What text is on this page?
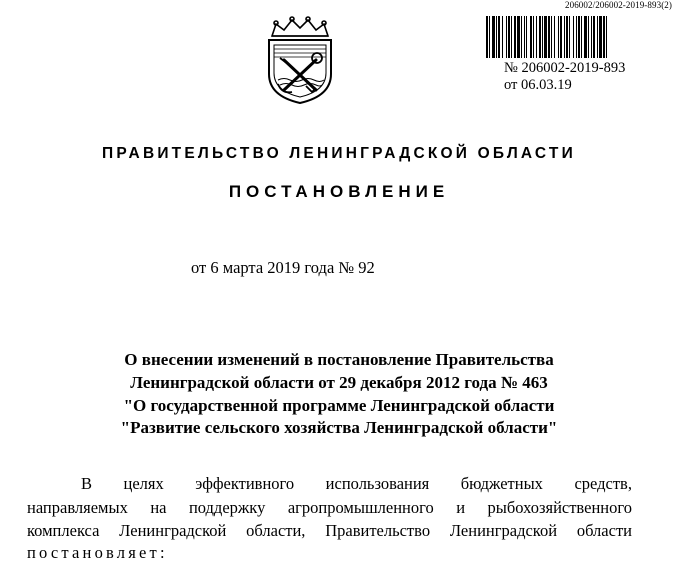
206002/206002-2019-893(2)
№ 206002-2019-893
от 06.03.19
ПРАВИТЕЛЬСТВО ЛЕНИНГРАДСКОЙ ОБЛАСТИ
ПОСТАНОВЛЕНИЕ
от 6 марта 2019 года № 92
О внесении изменений в постановление Правительства
Ленинградской области от 29 декабря 2012 года № 463
"О государственной программе Ленинградской области
"Развитие сельского хозяйства Ленинградской области"
В целях эффективного использования бюджетных средств,
направляемых на поддержку агропромышленного и рыбохозяйственного
комплекса Ленинградской области, Правительство Ленинградской области
постановляет:
